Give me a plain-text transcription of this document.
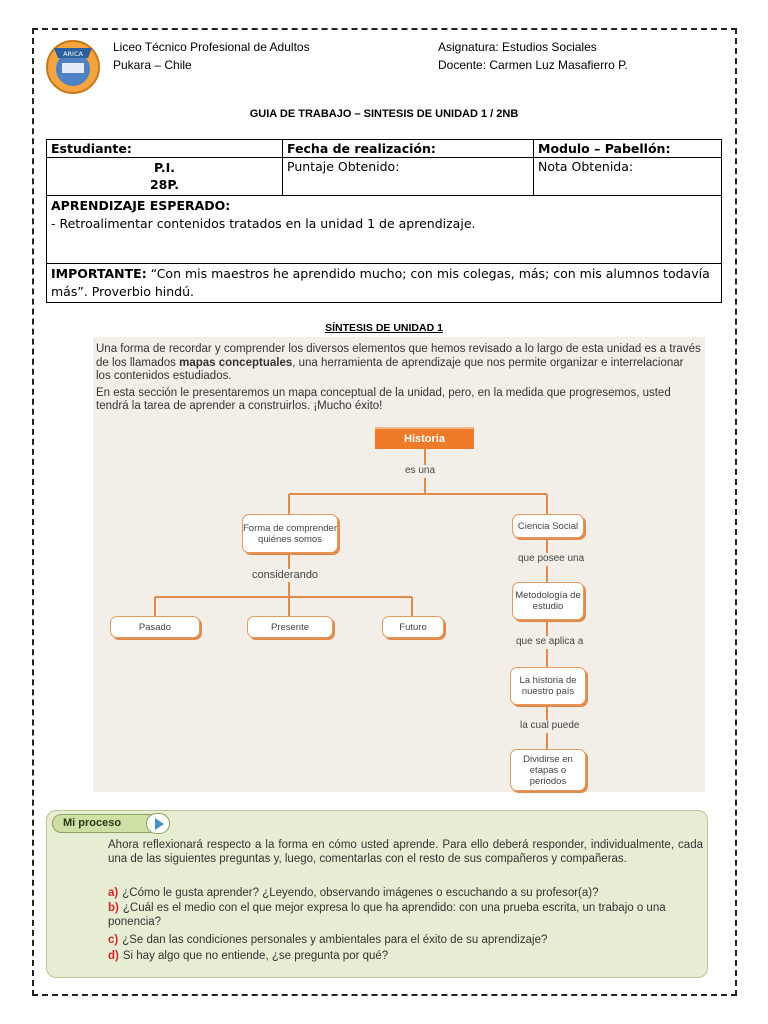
ARICA	Liceo Técnico Profesional de Adultos
Pukara – Chile
Asignatura: Estudios Sociales
Docente: Carmen Luz Masafierro P.
GUIA DE TRABAJO – SINTESIS DE UNIDAD 1 / 2NB
Estudiante:	Fecha de realización:	Modulo – Pabellón:

P.I.
28P.	Puntaje Obtenido:	Nota Obtenida:

APRENDIZAJE ESPERADO:
- Retroalimentar contenidos tratados en la unidad 1 de aprendizaje.		

IMPORTANTE: “Con mis maestros he aprendido mucho; con mis colegas, más; con mis alumnos todavía más”. Proverbio hindú.		
SÍNTESIS DE UNIDAD 1

Una forma de recordar y comprender los diversos elementos que hemos revisado a lo largo de esta unidad es a través de los llamados mapas conceptuales, una herramienta de aprendizaje que nos permite organizar e interrelacionar los contenidos estudiados.

En esta sección le presentaremos un mapa conceptual de la unidad, pero, en la medida que progresemos, usted tendrá la tarea de aprender a construirlos. ¡Mucho éxito!

Historia
es una
Forma de comprender quiénes somos
considerando
Pasado	Presente	Futuro
Ciencia Social
que posee una
Metodología de estudio
que se aplica a
La historia de nuestro país
la cual puede
Dividirse en etapas o periodos
Mi proceso

Ahora reflexionará respecto a la forma en cómo usted aprende. Para ello deberá responder, individualmente, cada una de las siguientes preguntas y, luego, comentarlas con el resto de sus compañeros y compañeras.

a) ¿Cómo le gusta aprender? ¿Leyendo, observando imágenes o escuchando a su profesor(a)?
b) ¿Cuál es el medio con el que mejor expresa lo que ha aprendido: con una prueba escrita, un trabajo o una ponencia?
c) ¿Se dan las condiciones personales y ambientales para el éxito de su aprendizaje?
d) Si hay algo que no entiende, ¿se pregunta por qué?
